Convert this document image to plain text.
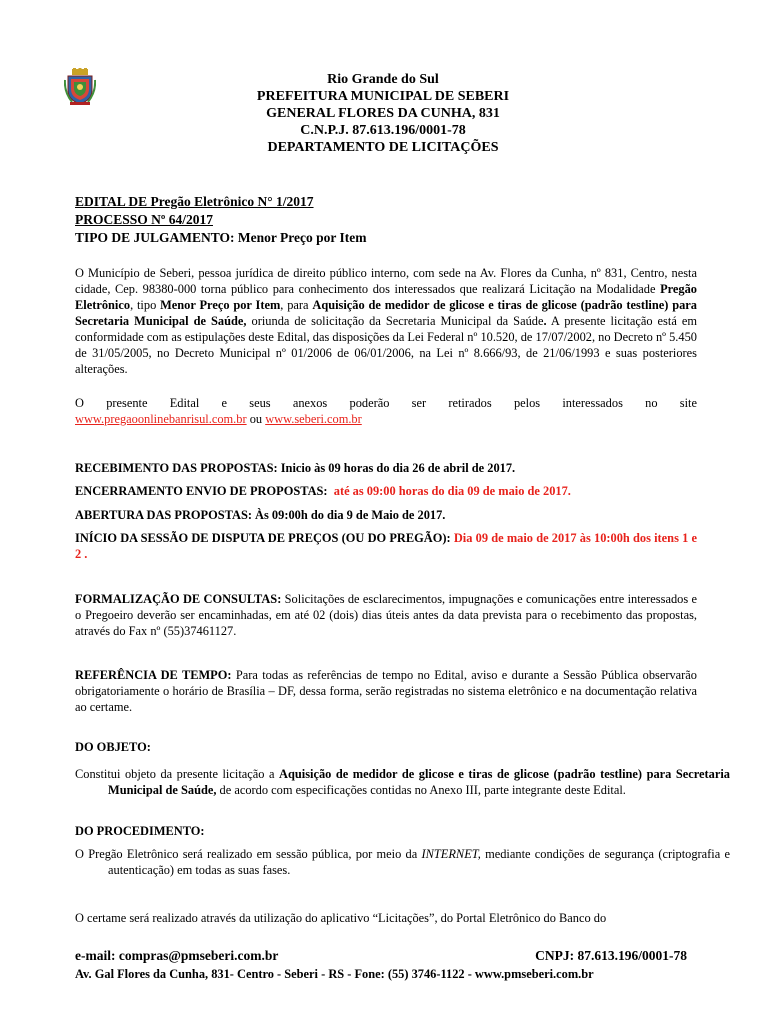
Rio Grande do Sul
PREFEITURA MUNICIPAL DE SEBERI
GENERAL FLORES DA CUNHA, 831
C.N.P.J. 87.613.196/0001-78
DEPARTAMENTO DE LICITAÇÕES
EDITAL DE Pregão Eletrônico N° 1/2017
PROCESSO Nº 64/2017
TIPO DE JULGAMENTO: Menor Preço por Item
O Município de Seberi, pessoa jurídica de direito público interno, com sede na Av. Flores da Cunha, nº 831, Centro, nesta cidade, Cep. 98380-000 torna público para conhecimento dos interessados que realizará Licitação na Modalidade Pregão Eletrônico, tipo Menor Preço por Item, para Aquisição de medidor de glicose e tiras de glicose (padrão testline) para Secretaria Municipal de Saúde, oriunda de solicitação da Secretaria Municipal da Saúde. A presente licitação está em conformidade com as estipulações deste Edital, das disposições da Lei Federal nº 10.520, de 17/07/2002, no Decreto nº 5.450 de 31/05/2005, no Decreto Municipal nº 01/2006 de 06/01/2006, na Lei nº 8.666/93, de 21/06/1993 e suas posteriores alterações.
O presente Edital e seus anexos poderão ser retirados pelos interessados no site
www.pregaoonlinebanrisul.com.br ou www.seberi.com.br
RECEBIMENTO DAS PROPOSTAS: Inicio às 09 horas do dia 26 de abril de 2017.
ENCERRAMENTO ENVIO DE PROPOSTAS: até as 09:00 horas do dia 09 de maio de 2017.
ABERTURA DAS PROPOSTAS: Às 09:00h do dia 9 de Maio de 2017.
INÍCIO DA SESSÃO DE DISPUTA DE PREÇOS (OU DO PREGÃO): Dia 09 de maio de 2017 às 10:00h dos itens 1 e 2 .
FORMALIZAÇÃO DE CONSULTAS: Solicitações de esclarecimentos, impugnações e comunicações entre interessados e o Pregoeiro deverão ser encaminhadas, em até 02 (dois) dias úteis antes da data prevista para o recebimento das propostas, através do Fax nº (55)37461127.
REFERÊNCIA DE TEMPO: Para todas as referências de tempo no Edital, aviso e durante a Sessão Pública observarão obrigatoriamente o horário de Brasília – DF, dessa forma, serão registradas no sistema eletrônico e na documentação relativa ao certame.
DO OBJETO:
Constitui objeto da presente licitação a Aquisição de medidor de glicose e tiras de glicose (padrão testline) para Secretaria Municipal de Saúde, de acordo com especificações contidas no Anexo III, parte integrante deste Edital.
DO PROCEDIMENTO:
O Pregão Eletrônico será realizado em sessão pública, por meio da INTERNET, mediante condições de segurança (criptografia e autenticação) em todas as suas fases.
O certame será realizado através da utilização do aplicativo “Licitações”, do Portal Eletrônico do Banco do
e-mail: compras@pmseberi.com.br	CNPJ: 87.613.196/0001-78
Av. Gal Flores da Cunha, 831- Centro - Seberi - RS - Fone: (55) 3746-1122 - www.pmseberi.com.br
